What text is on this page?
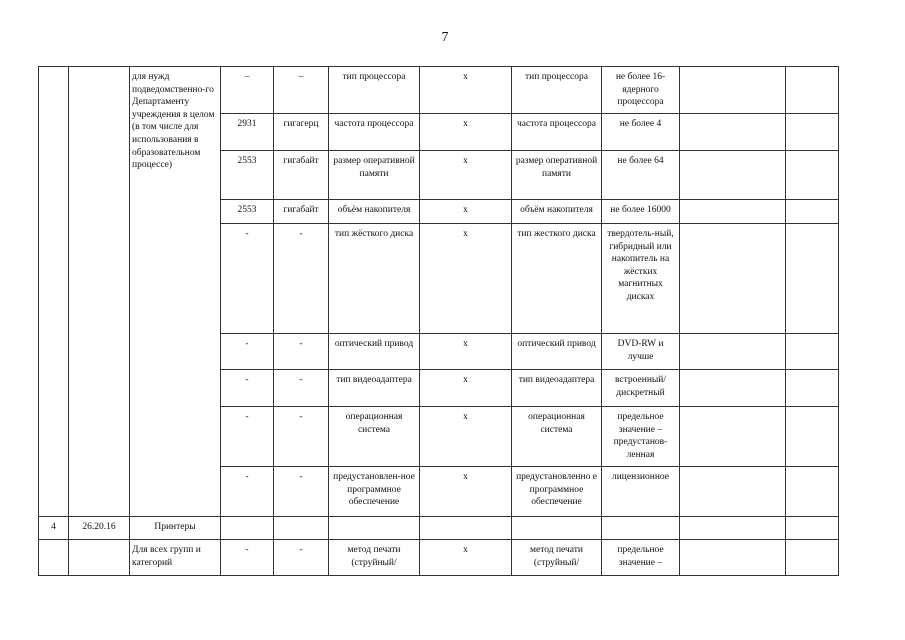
7
		для нужд подведомственно-го Департаменту учреждения в целом (в том числе для использования в образовательном процессе)	–	–	тип процессора	x	тип процессора	не более 16-ядерного процессора		
			2931	гигагерц	частота процессора	x	частота процессора	не более 4		
			2553	гигабайт	размер оперативной памяти	x	размер оперативной памяти	не более 64		
			2553	гигабайт	объём накопителя	x	объём накопителя	не более 16000		
			-	-	тип жёсткого диска	x	тип жесткого диска	твердотель-ный, гибридный или накопитель на жёстких магнитных дисках		
			-	-	оптический привод	x	оптический привод	DVD-RW и лучше		
			-	-	тип видеоадаптера	x	тип видеоадаптера	встроенный/ дискретный		
			-	-	операционная система	x	операционная система	предельное значение – предустанов-ленная		
			-	-	предустановлен-ное программное обеспечение	x	предустановленно е программное обеспечение	лицензионное		
4	26.20.16	Принтеры								
		Для всех групп и категорий	-	-	метод печати (струйный/	x	метод печати (струйный/	предельное значение –		
